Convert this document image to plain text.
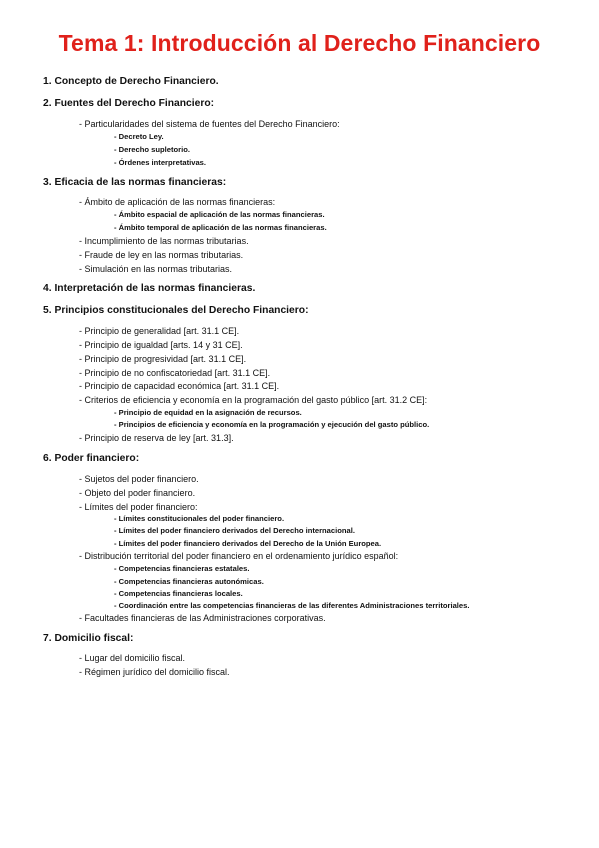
Tema 1: Introducción al Derecho Financiero
1. Concepto de Derecho Financiero.
2. Fuentes del Derecho Financiero:
- Particularidades del sistema de fuentes del Derecho Financiero:
- Decreto Ley.
- Derecho supletorio.
- Órdenes interpretativas.
3. Eficacia de las normas financieras:
- Ámbito de aplicación de las normas financieras:
- Ámbito espacial de aplicación de las normas financieras.
- Ámbito temporal de aplicación de las normas financieras.
- Incumplimiento de las normas tributarias.
- Fraude de ley en las normas tributarias.
- Simulación en las normas tributarias.
4. Interpretación de las normas financieras.
5. Principios constitucionales del Derecho Financiero:
- Principio de generalidad [art. 31.1 CE].
- Principio de igualdad [arts. 14 y 31 CE].
- Principio de progresividad [art. 31.1 CE].
- Principio de no confiscatoriedad [art. 31.1 CE].
- Principio de capacidad económica [art. 31.1 CE].
- Criterios de eficiencia y economía en la programación del gasto público [art. 31.2 CE]:
- Principio de equidad en la asignación de recursos.
- Principios de eficiencia y economía en la programación y ejecución del gasto público.
- Principio de reserva de ley [art. 31.3].
6. Poder financiero:
- Sujetos del poder financiero.
- Objeto del poder financiero.
- Límites del poder financiero:
- Límites constitucionales del poder financiero.
- Límites del poder financiero derivados del Derecho internacional.
- Límites del poder financiero derivados del Derecho de la Unión Europea.
- Distribución territorial del poder financiero en el ordenamiento jurídico español:
- Competencias financieras estatales.
- Competencias financieras autonómicas.
- Competencias financieras locales.
- Coordinación entre las competencias financieras de las diferentes Administraciones territoriales.
- Facultades financieras de las Administraciones corporativas.
7. Domicilio fiscal:
- Lugar del domicilio fiscal.
- Régimen jurídico del domicilio fiscal.
